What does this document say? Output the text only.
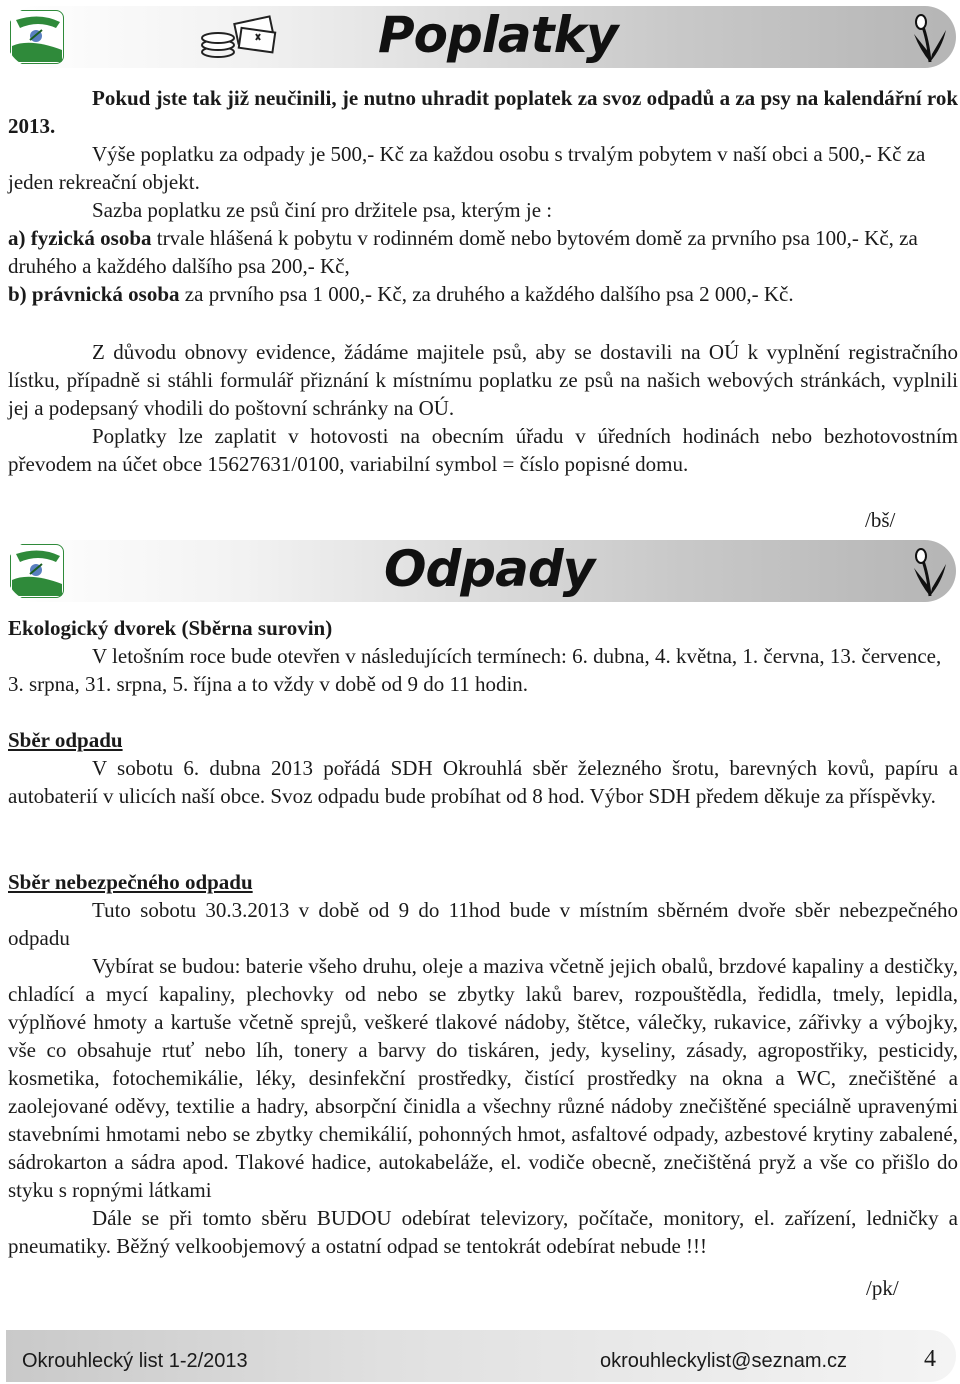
Poplatky

Pokud jste tak již neučinili, je nutno uhradit poplatek za svoz odpadů a za psy na kalendářní rok 2013.

Výše poplatku za odpady je 500,- Kč za každou osobu s trvalým pobytem v naší obci a 500,- Kč za jeden rekreační objekt.

Sazba poplatku ze psů činí pro držitele psa, kterým je :

a) fyzická osoba trvale hlášená k pobytu v rodinném domě nebo bytovém domě za prvního psa 100,- Kč, za druhého a každého dalšího psa 200,- Kč,

b) právnická osoba za prvního psa 1 000,- Kč, za druhého a každého dalšího psa 2 000,- Kč.

Z důvodu obnovy evidence, žádáme majitele psů, aby se dostavili na OÚ k vyplnění registračního lístku, případně si stáhli formulář přiznání k místnímu poplatku ze psů na našich webových stránkách, vyplnili jej a podepsaný vhodili do poštovní schránky na OÚ.

Poplatky lze zaplatit v hotovosti na obecním úřadu v úředních hodinách nebo bezhotovostním převodem na účet obce 15627631/0100, variabilní symbol = číslo popisné domu.

/bš/
Odpady

Ekologický dvorek (Sběrna surovin)

V letošním roce bude otevřen v následujících termínech: 6. dubna, 4. května, 1. června, 13. července, 3. srpna, 31. srpna, 5. října a to vždy v době od 9 do 11 hodin.

Sběr odpadu

V sobotu 6. dubna 2013 pořádá SDH Okrouhlá sběr železného šrotu, barevných kovů, papíru a autobaterií v ulicích naší obce. Svoz odpadu bude probíhat od 8 hod. Výbor SDH předem děkuje za příspěvky.

Sběr nebezpečného odpadu

Tuto sobotu 30.3.2013 v době od 9 do 11hod bude v místním sběrném dvoře sběr nebezpečného odpadu

Vybírat se budou: baterie všeho druhu, oleje a maziva včetně jejich obalů, brzdové kapaliny a destičky, chladící a mycí kapaliny, plechovky od nebo se zbytky laků barev, rozpouštědla, ředidla, tmely, lepidla, výplňové hmoty a kartuše včetně sprejů, veškeré tlakové nádoby, štětce, válečky, rukavice, zářivky a výbojky, vše co obsahuje rtuť nebo líh, tonery a barvy do tiskáren, jedy, kyseliny, zásady, agropostřiky, pesticidy, kosmetika, fotochemikálie, léky, desinfekční prostředky, čistící prostředky na okna a WC, znečištěné a zaolejované oděvy, textilie a hadry, absorpční činidla a všechny různé nádoby znečištěné speciálně upravenými stavebními hmotami nebo se zbytky chemikálií, pohonných hmot, asfaltové odpady, azbestové krytiny zabalené, sádrokarton a sádra apod. Tlakové hadice, autokabeláže, el. vodiče obecně, znečištěná pryž a vše co přišlo do styku s ropnými látkami

Dále se při tomto sběru BUDOU odebírat televizory, počítače, monitory, el. zařízení, ledničky a pneumatiky. Běžný velkoobjemový a ostatní odpad se tentokrát odebírat nebude !!!

/pk/
Okrouhlecký list 1-2/2013	okrouhleckylist@seznam.cz	4
